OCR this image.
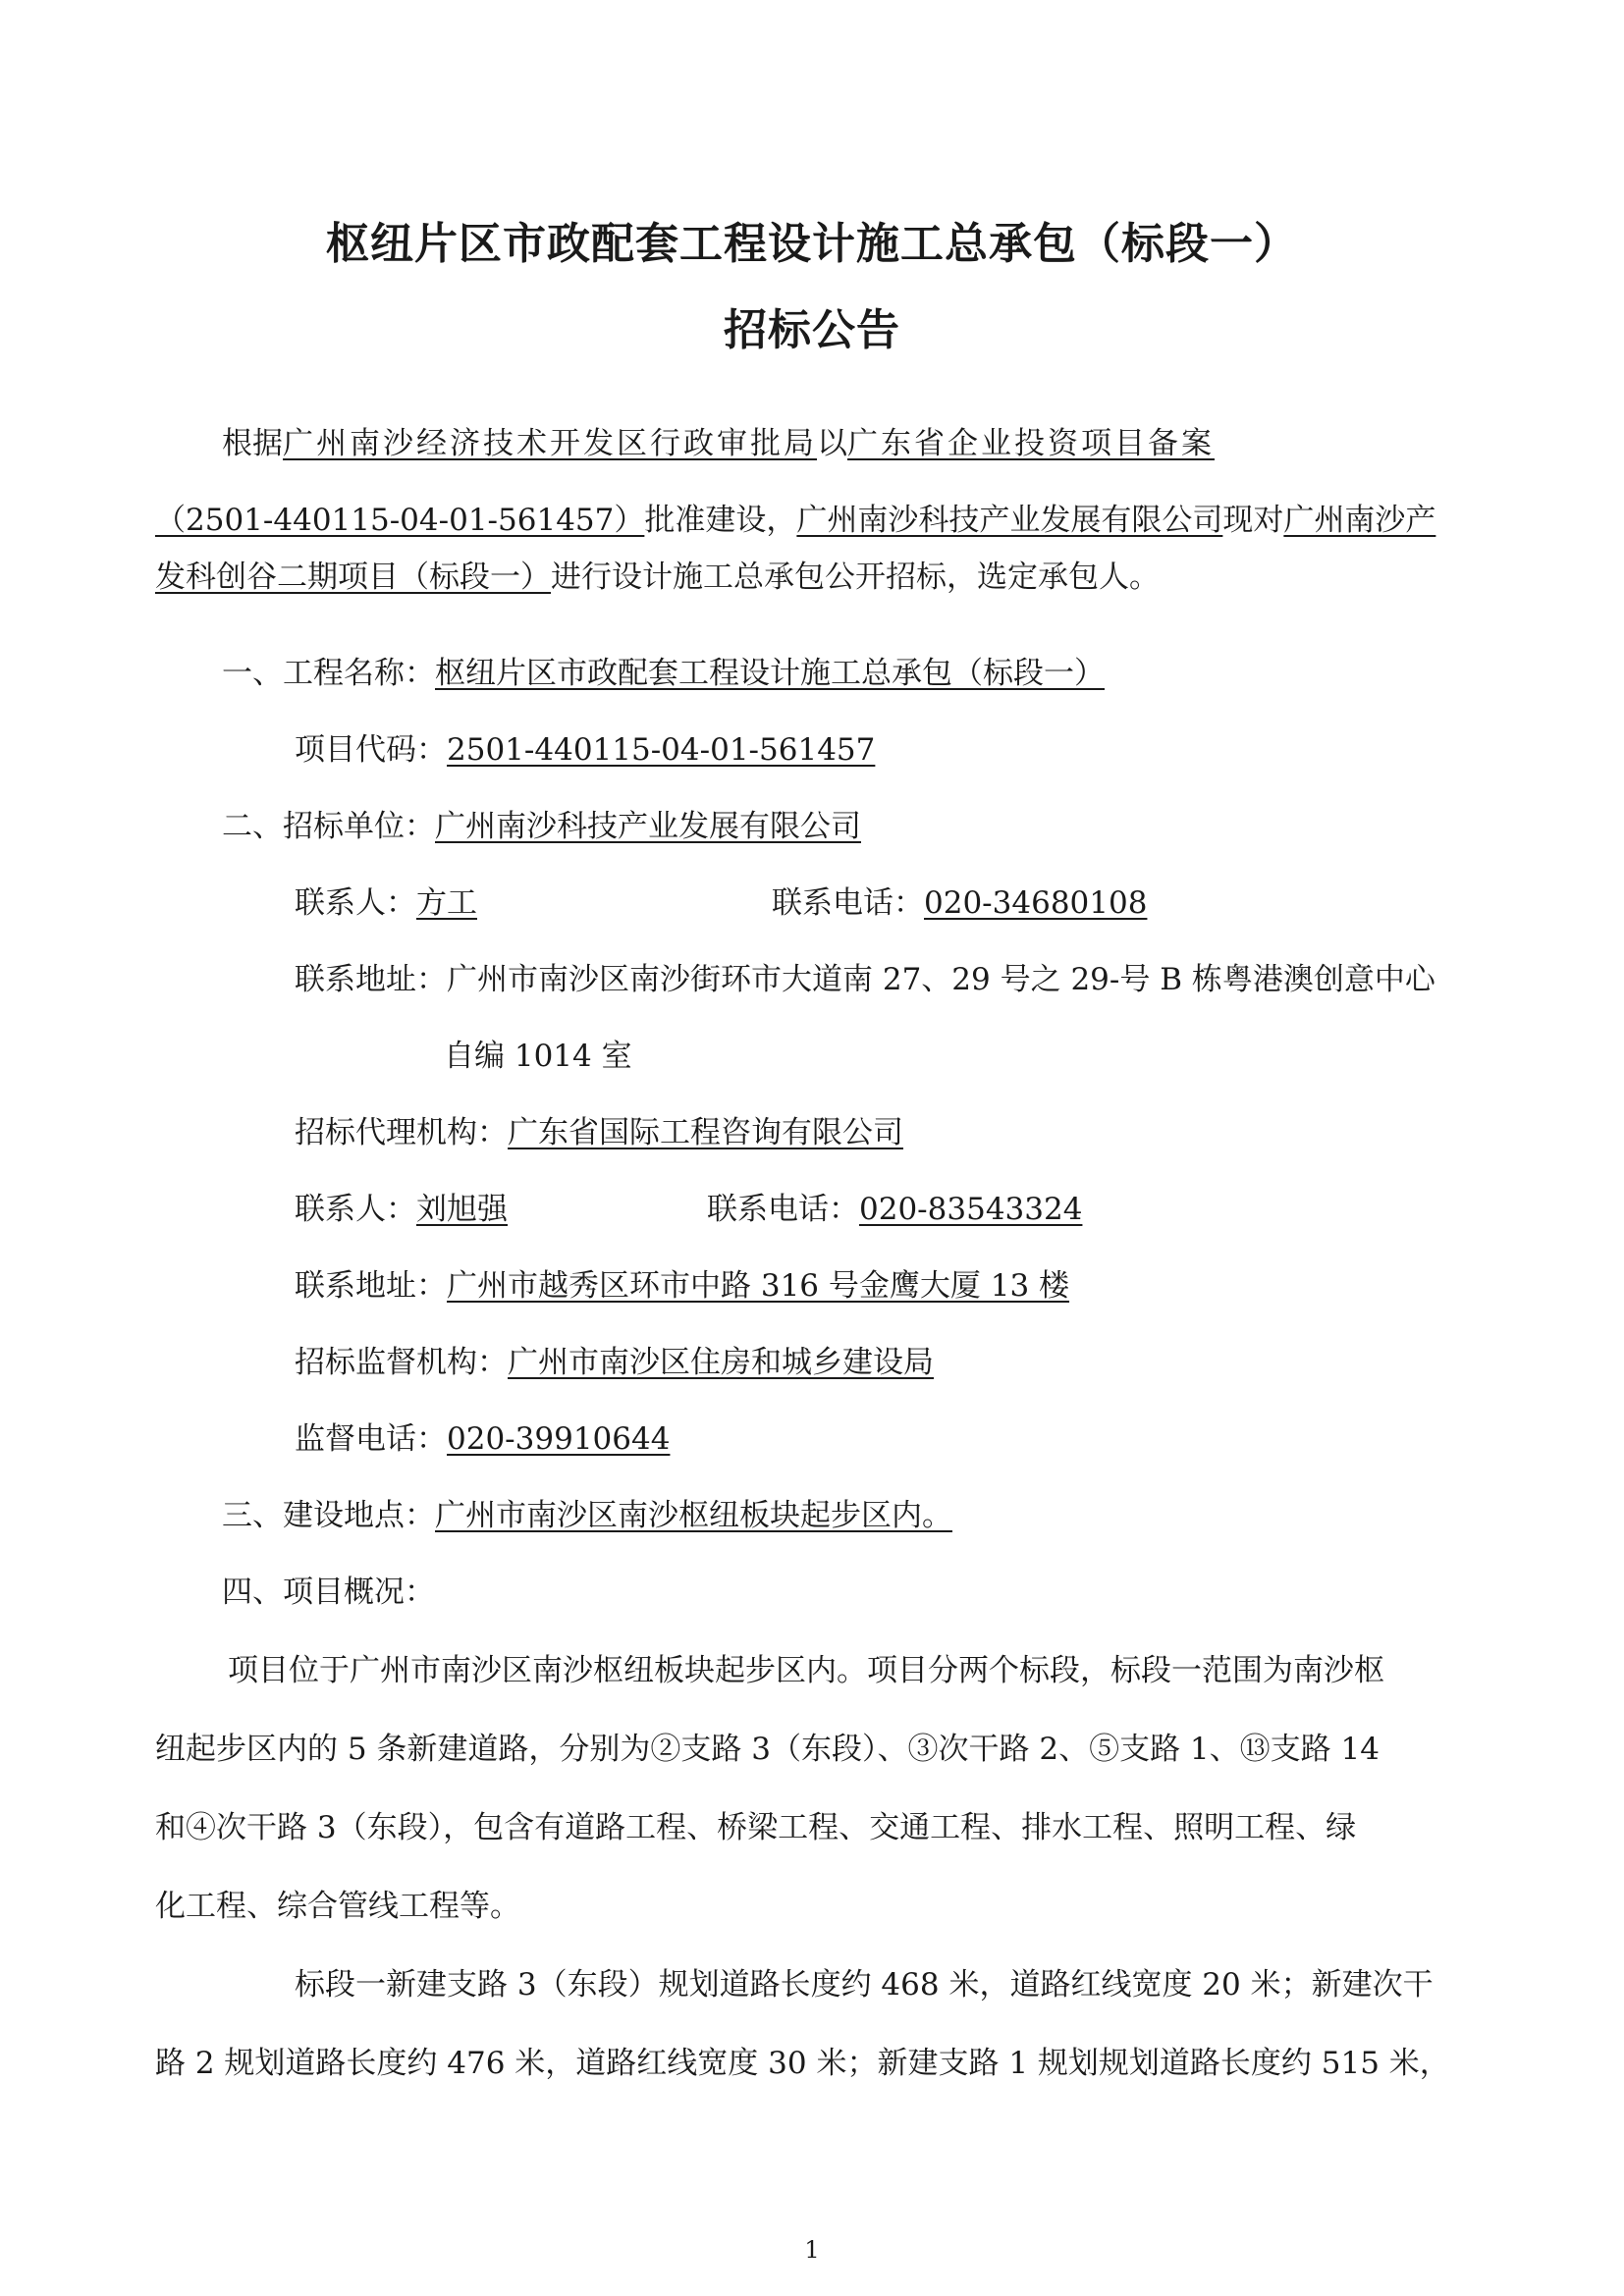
枢纽片区市政配套工程设计施工总承包（标段一）
招标公告
根据广州南沙经济技术开发区行政审批局以广东省企业投资项目备案
（2501-440115-04-01-561457）批准建设，广州南沙科技产业发展有限公司现对广州南沙产
发科创谷二期项目（标段一）进行设计施工总承包公开招标，选定承包人。
一、工程名称：枢纽片区市政配套工程设计施工总承包（标段一）
项目代码：2501-440115-04-01-561457
二、招标单位：广州南沙科技产业发展有限公司
联系人：方工	联系电话：020-34680108
联系地址：广州市南沙区南沙街环市大道南 27、29 号之 29-号 B 栋粤港澳创意中心
自编 1014 室
招标代理机构：广东省国际工程咨询有限公司
联系人：刘旭强	联系电话：020-83543324
联系地址：广州市越秀区环市中路 316 号金鹰大厦 13 楼
招标监督机构：广州市南沙区住房和城乡建设局
监督电话：020-39910644
三、建设地点：广州市南沙区南沙枢纽板块起步区内。
四、项目概况：
项目位于广州市南沙区南沙枢纽板块起步区内。项目分两个标段，标段一范围为南沙枢
纽起步区内的 5 条新建道路，分别为②支路 3（东段）、③次干路 2、⑤支路 1、⑬支路 14
和④次干路 3（东段），包含有道路工程、桥梁工程、交通工程、排水工程、照明工程、绿
化工程、综合管线工程等。
标段一新建支路 3（东段）规划道路长度约 468 米，道路红线宽度 20 米；新建次干
路 2 规划道路长度约 476 米，道路红线宽度 30 米；新建支路 1 规划规划道路长度约 515 米，
1
